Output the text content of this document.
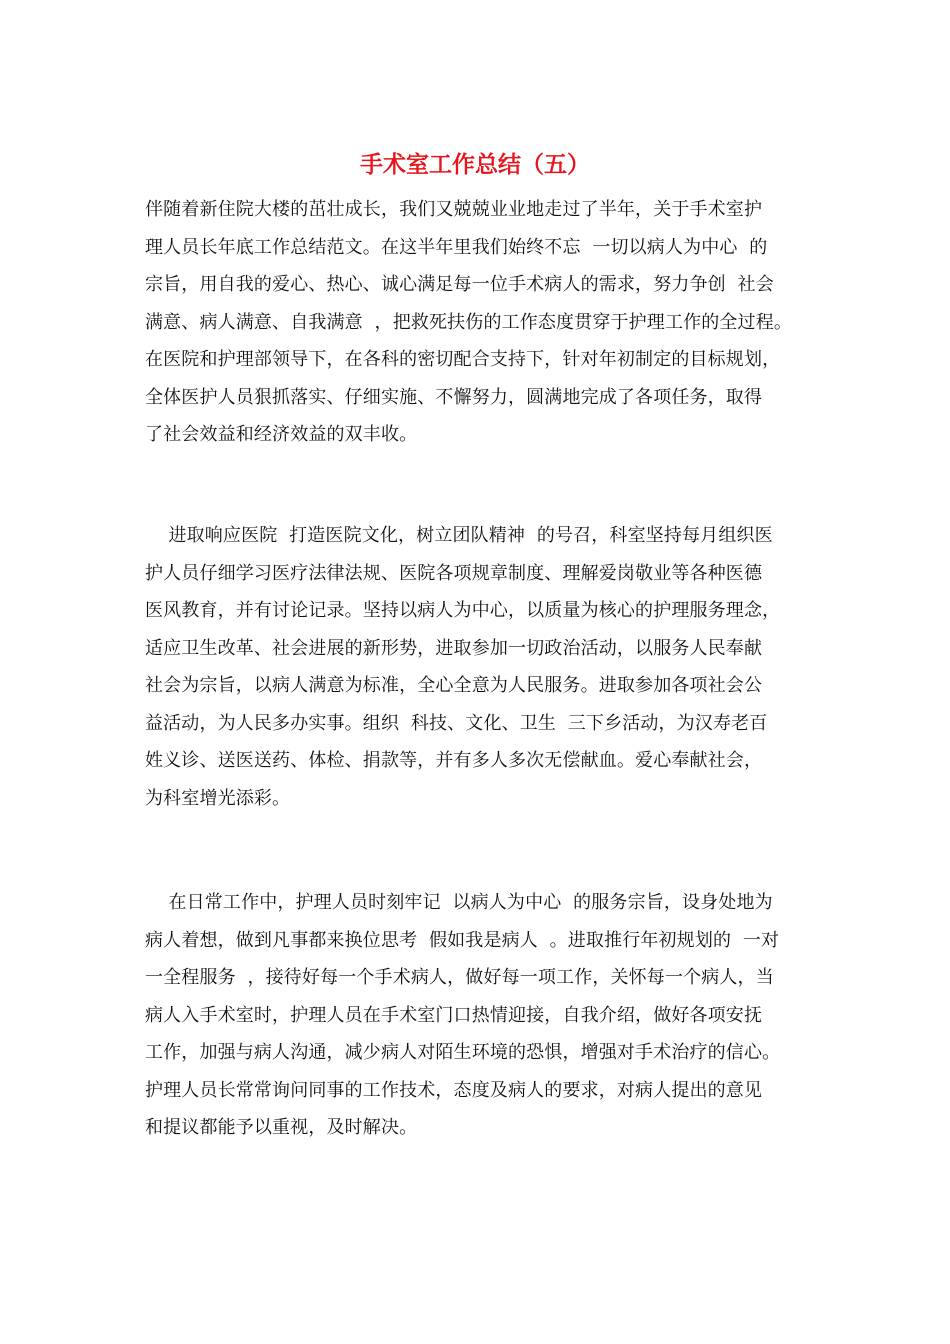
手术室工作总结（五）
伴随着新住院大楼的茁壮成长，我们又兢兢业业地走过了半年，关于手术室护
理人员长年底工作总结范文。在这半年里我们始终不忘  一切以病人为中心  的
宗旨，用自我的爱心、热心、诚心满足每一位手术病人的需求，努力争创  社会
满意、病人满意、自我满意  ，把救死扶伤的工作态度贯穿于护理工作的全过程。
在医院和护理部领导下，在各科的密切配合支持下，针对年初制定的目标规划，
全体医护人员狠抓落实、仔细实施、不懈努力，圆满地完成了各项任务，取得
了社会效益和经济效益的双丰收。
进取响应医院  打造医院文化，树立团队精神  的号召，科室坚持每月组织医
护人员仔细学习医疗法律法规、医院各项规章制度、理解爱岗敬业等各种医德
医风教育，并有讨论记录。坚持以病人为中心，以质量为核心的护理服务理念，
适应卫生改革、社会进展的新形势，进取参加一切政治活动，以服务人民奉献
社会为宗旨，以病人满意为标准，全心全意为人民服务。进取参加各项社会公
益活动，为人民多办实事。组织  科技、文化、卫生  三下乡活动，为汉寿老百
姓义诊、送医送药、体检、捐款等，并有多人多次无偿献血。爱心奉献社会，
为科室增光添彩。
在日常工作中，护理人员时刻牢记  以病人为中心  的服务宗旨，设身处地为
病人着想，做到凡事都来换位思考  假如我是病人  。进取推行年初规划的  一对
一全程服务  ，接待好每一个手术病人，做好每一项工作，关怀每一个病人，当
病人入手术室时，护理人员在手术室门口热情迎接，自我介绍，做好各项安抚
工作，加强与病人沟通，减少病人对陌生环境的恐惧，增强对手术治疗的信心。
护理人员长常常询问同事的工作技术，态度及病人的要求，对病人提出的意见
和提议都能予以重视，及时解决。
